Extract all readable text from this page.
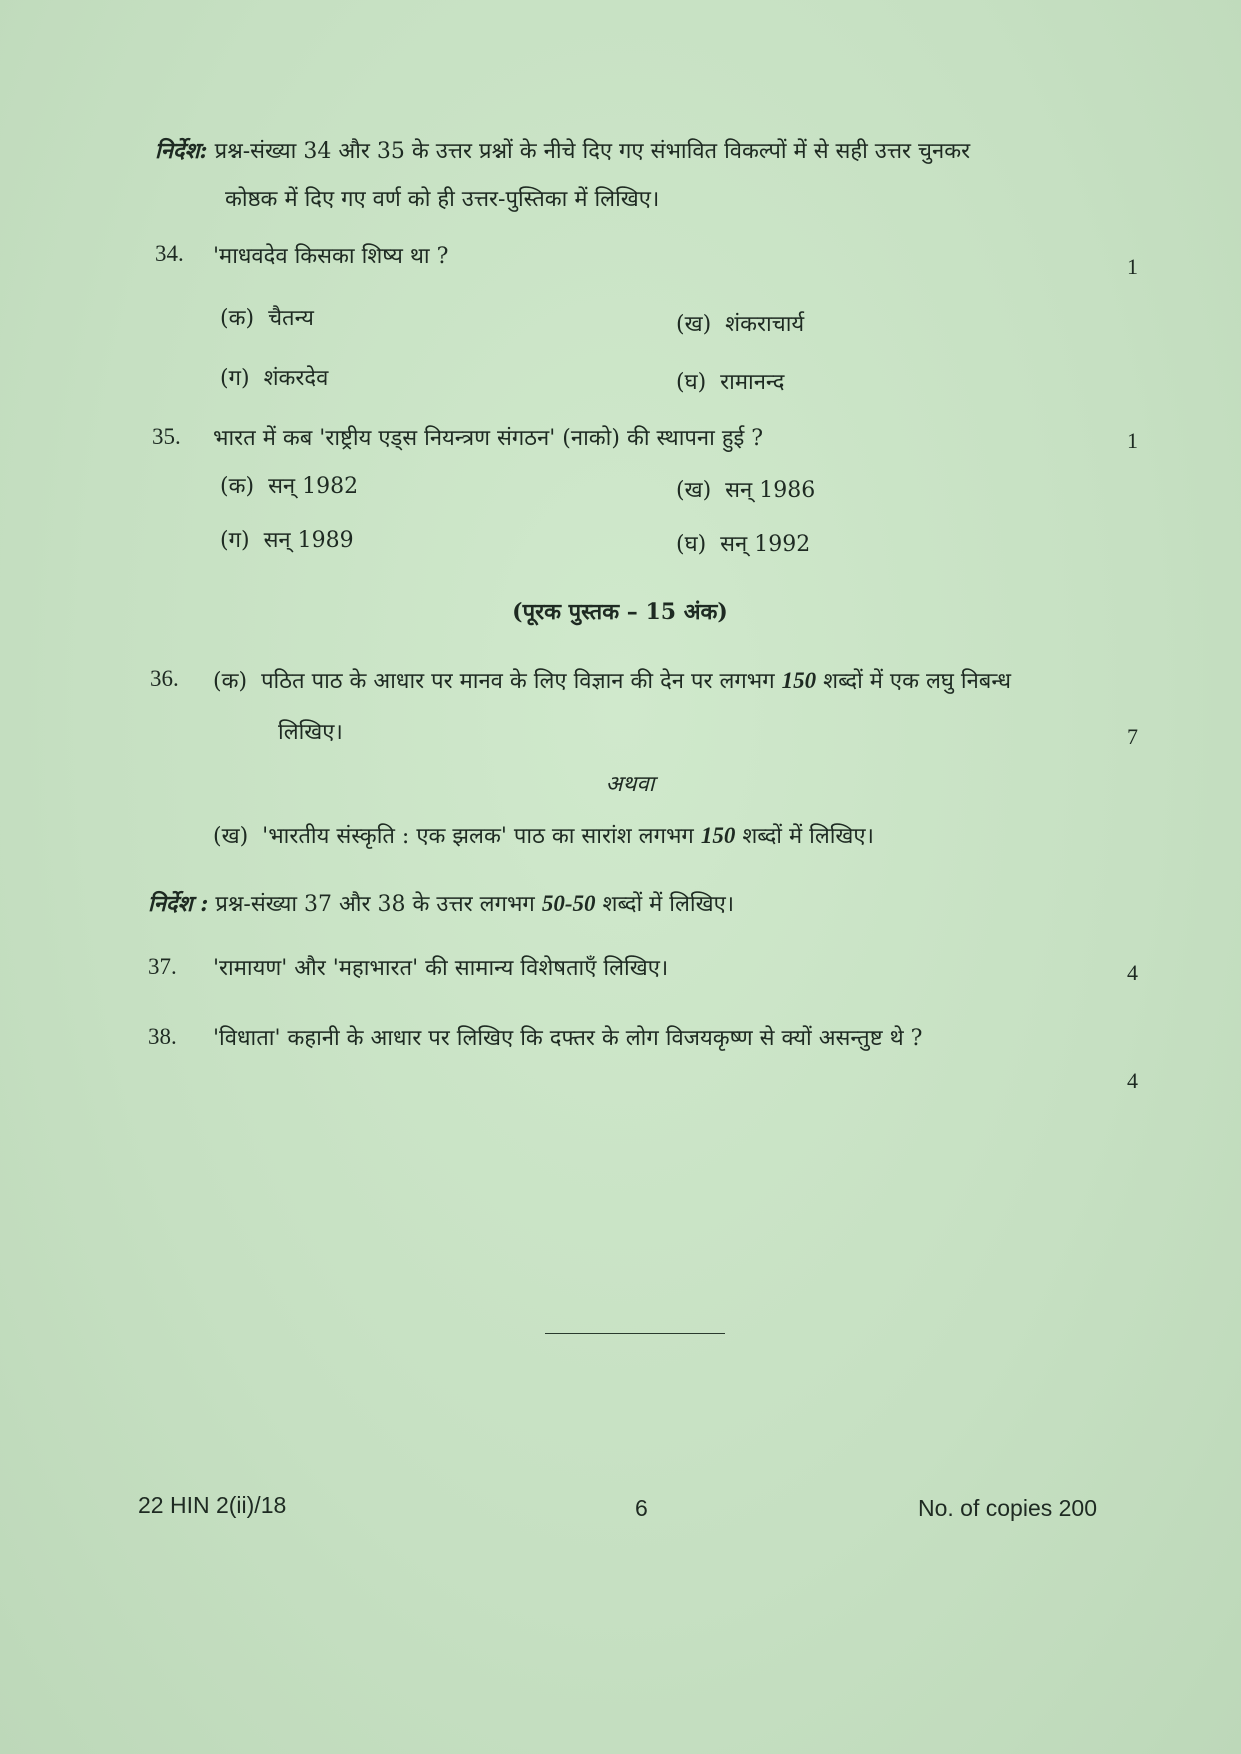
निर्देश: प्रश्न-संख्या 34 और 35 के उत्तर प्रश्नों के नीचे दिए गए संभावित विकल्पों में से सही उत्तर चुनकर
कोष्ठक में दिए गए वर्ण को ही उत्तर-पुस्तिका में लिखिए।
34. 'माधवदेव किसका शिष्य था ?	1
(क) चैतन्य	(ख) शंकराचार्य
(ग) शंकरदेव	(घ) रामानन्द
35. भारत में कब 'राष्ट्रीय एड्स नियन्त्रण संगठन' (नाको) की स्थापना हुई ?	1
(क) सन् 1982	(ख) सन् 1986
(ग) सन् 1989	(घ) सन् 1992
(पूरक पुस्तक – 15 अंक)
36. (क) पठित पाठ के आधार पर मानव के लिए विज्ञान की देन पर लगभग 150 शब्दों में एक लघु निबन्ध
लिखिए।	7
अथवा
(ख) 'भारतीय संस्कृति : एक झलक' पाठ का सारांश लगभग 150 शब्दों में लिखिए।
निर्देश : प्रश्न-संख्या 37 और 38 के उत्तर लगभग 50-50 शब्दों में लिखिए।
37. 'रामायण' और 'महाभारत' की सामान्य विशेषताएँ लिखिए।	4
38. 'विधाता' कहानी के आधार पर लिखिए कि दफ्तर के लोग विजयकृष्ण से क्यों असन्तुष्ट थे ?
4
22 HIN 2(ii)/18	6	No. of copies 200
